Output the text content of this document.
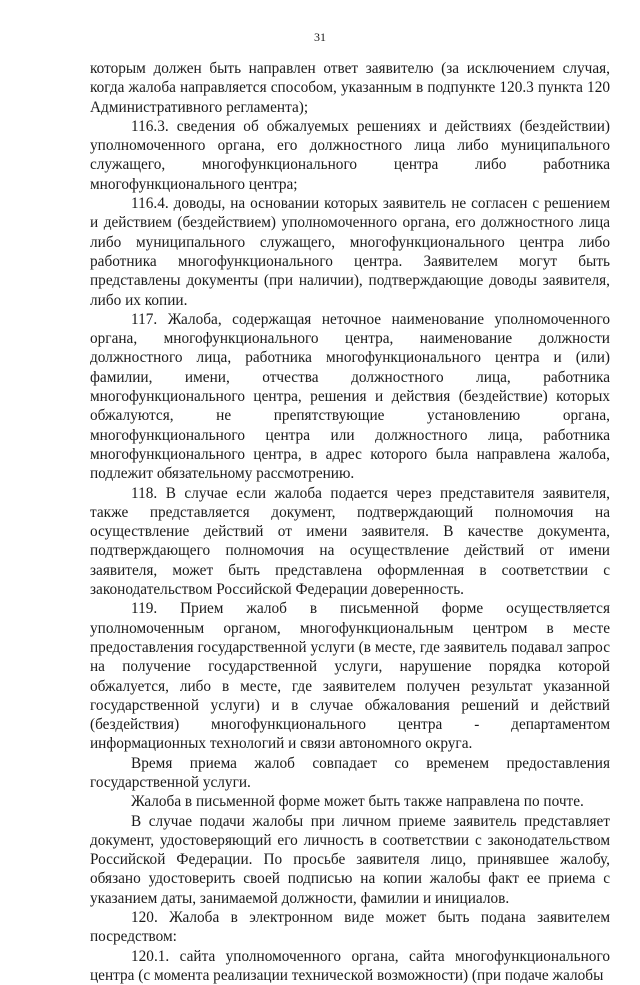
31

которым должен быть направлен ответ заявителю (за исключением случая, когда жалоба направляется способом, указанным в подпункте 120.3 пункта 120 Административного регламента);

116.3. сведения об обжалуемых решениях и действиях (бездействии) уполномоченного органа, его должностного лица либо муниципального служащего, многофункционального центра либо работника многофункционального центра;

116.4. доводы, на основании которых заявитель не согласен с решением и действием (бездействием) уполномоченного органа, его должностного лица либо муниципального служащего, многофункционального центра либо работника многофункционального центра. Заявителем могут быть представлены документы (при наличии), подтверждающие доводы заявителя, либо их копии.

117. Жалоба, содержащая неточное наименование уполномоченного органа, многофункционального центра, наименование должности должностного лица, работника многофункционального центра и (или) фамилии, имени, отчества должностного лица, работника многофункционального центра, решения и действия (бездействие) которых обжалуются, не препятствующие установлению органа, многофункционального центра или должностного лица, работника многофункционального центра, в адрес которого была направлена жалоба, подлежит обязательному рассмотрению.

118. В случае если жалоба подается через представителя заявителя, также представляется документ, подтверждающий полномочия на осуществление действий от имени заявителя. В качестве документа, подтверждающего полномочия на осуществление действий от имени заявителя, может быть представлена оформленная в соответствии с законодательством Российской Федерации доверенность.

119. Прием жалоб в письменной форме осуществляется уполномоченным органом, многофункциональным центром в месте предоставления государственной услуги (в месте, где заявитель подавал запрос на получение государственной услуги, нарушение порядка которой обжалуется, либо в месте, где заявителем получен результат указанной государственной услуги) и в случае обжалования решений и действий (бездействия) многофункционального центра - департаментом информационных технологий и связи автономного округа.

Время приема жалоб совпадает со временем предоставления государственной услуги.

Жалоба в письменной форме может быть также направлена по почте.

В случае подачи жалобы при личном приеме заявитель представляет документ, удостоверяющий его личность в соответствии с законодательством Российской Федерации. По просьбе заявителя лицо, принявшее жалобу, обязано удостоверить своей подписью на копии жалобы факт ее приема с указанием даты, занимаемой должности, фамилии и инициалов.

120. Жалоба в электронном виде может быть подана заявителем посредством:

120.1. сайта уполномоченного органа, сайта многофункционального центра (с момента реализации технической возможности) (при подаче жалобы
